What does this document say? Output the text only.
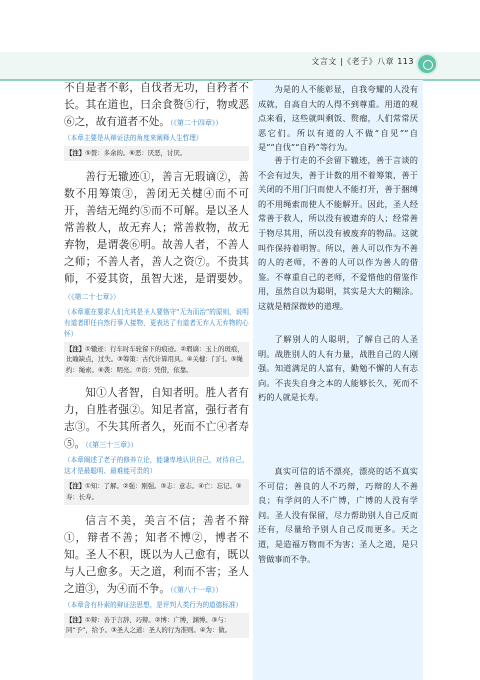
文言文 |《老子》八章 113

不自是者不彰，自伐者无功，自矜者不长。其在道也，曰余食赘⑤行，物或恶⑥之，故有道者不处。（《第二十四章》）

（本章主要是从辩证法的角度来阐释人生哲理）
【注】⑤赘：多余的。⑥恶：厌恶，讨厌。

善行无辙迹①，善言无瑕谪②，善数不用筹策③，善闭无关楗④而不可开，善结无绳约⑤而不可解。是以圣人常善救人，故无弃人；常善救物，故无弃物，是谓袭⑥明。故善人者，不善人之师；不善人者，善人之资⑦。不贵其师，不爱其资，虽智大迷，是谓要妙。（《第二十七章》）

（本章重在要求人们尤其是圣人要恪守“无为而治”的原则，说明有道者即任自然行事人接物，更表达了有道者无弃人无弃物的心怀）
【注】①辙迹：行车时车轮留下的痕迹。②瑕谪：玉上的斑痕，比喻缺点，过失。③筹策：古代计算用具。④关楗：门闩。⑤绳约：绳索。⑥袭：明亮。⑦资：凭借，依靠。

知①人者智，自知者明。胜人者有力，自胜者强②。知足者富，强行者有志③。不失其所者久，死而不亡④者寿⑤。（《第三十三章》）

（本章阐述了老子的修养立论，能谦卑地认识自己，对待自己，这才是最聪明、最难能可贵的）
【注】①知：了解。②强：刚强。③志：意志。④亡：忘记。⑤寿：长寿。

信言不美，美言不信；善者不辩①，辩者不善；知者不博②，博者不知。圣人不积，既以为人己愈有，既以与人己愈多。天之道，利而不害；圣人之道③，为④而不争。（《第八十一章》）

（本章含有朴素的辩证法思想，是评判人类行为的道德标准）
【注】①辩：善于言辞、巧辩。②博：广博，渊博。③与：同“予”，给予。③圣人之道：圣人的行为准则。④为：做。

为是的人不能彰显，自我夸耀的人没有成就，自高自大的人得不到尊重。用道的观点来看，这些就叫剩饭、赘瘤，人们常常厌恶它们。所以有道的人不做“自见”“自是”“自伐”“自矜”等行为。

善于行走的不会留下辙迹，善于言谈的不会有过失，善于计数的用不着筹策，善于关闭的不用门闩而使人不能打开，善于捆缚的不用绳索而使人不能解开。因此，圣人经常善于救人，所以没有被遗弃的人；经常善于物尽其用，所以没有被废弃的物品。这就叫作保持着明智。所以，善人可以作为不善的人的老师，不善的人可以作为善人的借鉴。不尊重自己的老师，不爱惜他的借鉴作用，虽然自以为聪明，其实是大大的糊涂。这就是精深微妙的道理。

了解别人的人聪明，了解自己的人圣明。战胜别人的人有力量，战胜自己的人刚强。知道满足的人富有，勤勉不懈的人有志向。不丧失自身之本的人能够长久，死而不朽的人就是长寿。

真实可信的话不漂亮，漂亮的话不真实不可信；善良的人不巧辩，巧辩的人不善良；有学问的人不广博，广博的人没有学问。圣人没有保留，尽力帮助别人自己反而还有，尽量给予别人自己反而更多。天之道，是造福万物而不为害；圣人之道，是只管做事而不争。
